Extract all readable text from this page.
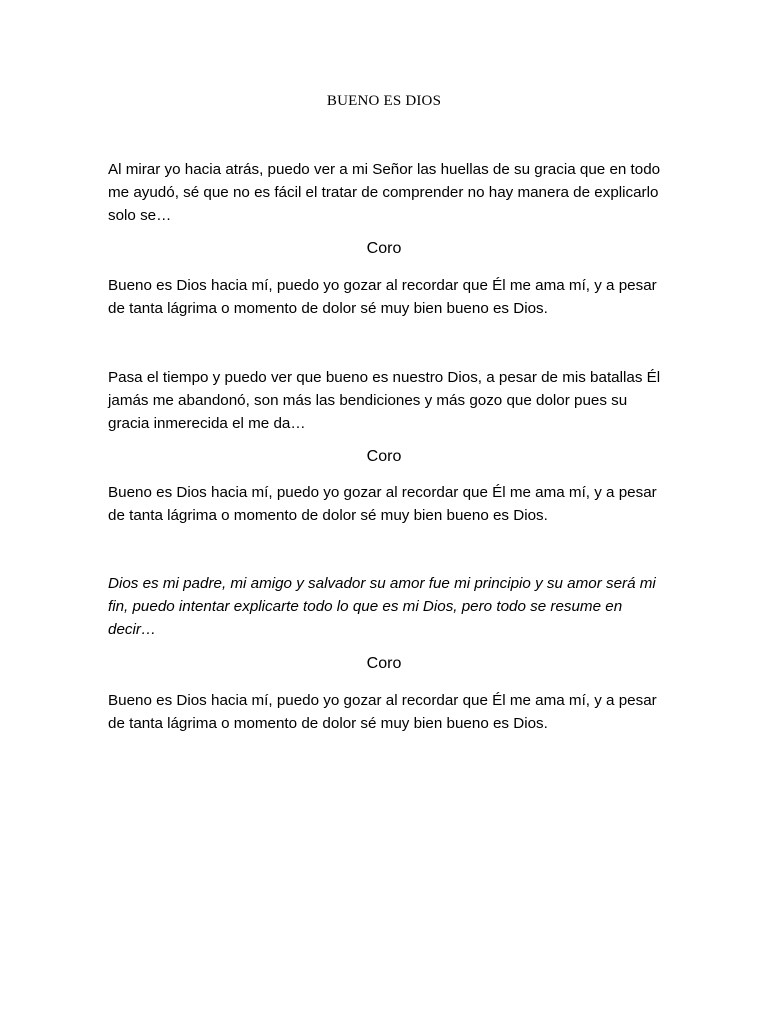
BUENO ES DIOS

Al mirar yo hacia atrás, puedo ver a mi Señor las huellas de su gracia que en todo me ayudó, sé que no es fácil el tratar de comprender no hay manera de explicarlo solo se…

Coro

Bueno es Dios hacia mí, puedo yo gozar al recordar que Él me ama mí, y a pesar de tanta lágrima o momento de dolor sé muy bien bueno es Dios.

Pasa el tiempo y puedo ver que bueno es nuestro Dios, a pesar de mis batallas Él jamás me abandonó, son más las bendiciones y más gozo que dolor pues su gracia inmerecida el me da…

Coro

Bueno es Dios hacia mí, puedo yo gozar al recordar que Él me ama mí, y a pesar de tanta lágrima o momento de dolor sé muy bien bueno es Dios.

Dios es mi padre, mi amigo y salvador su amor fue mi principio y su amor será mi fin, puedo intentar explicarte todo lo que es mi Dios, pero todo se resume en decir…

Coro

Bueno es Dios hacia mí, puedo yo gozar al recordar que Él me ama mí, y a pesar de tanta lágrima o momento de dolor sé muy bien bueno es Dios.
